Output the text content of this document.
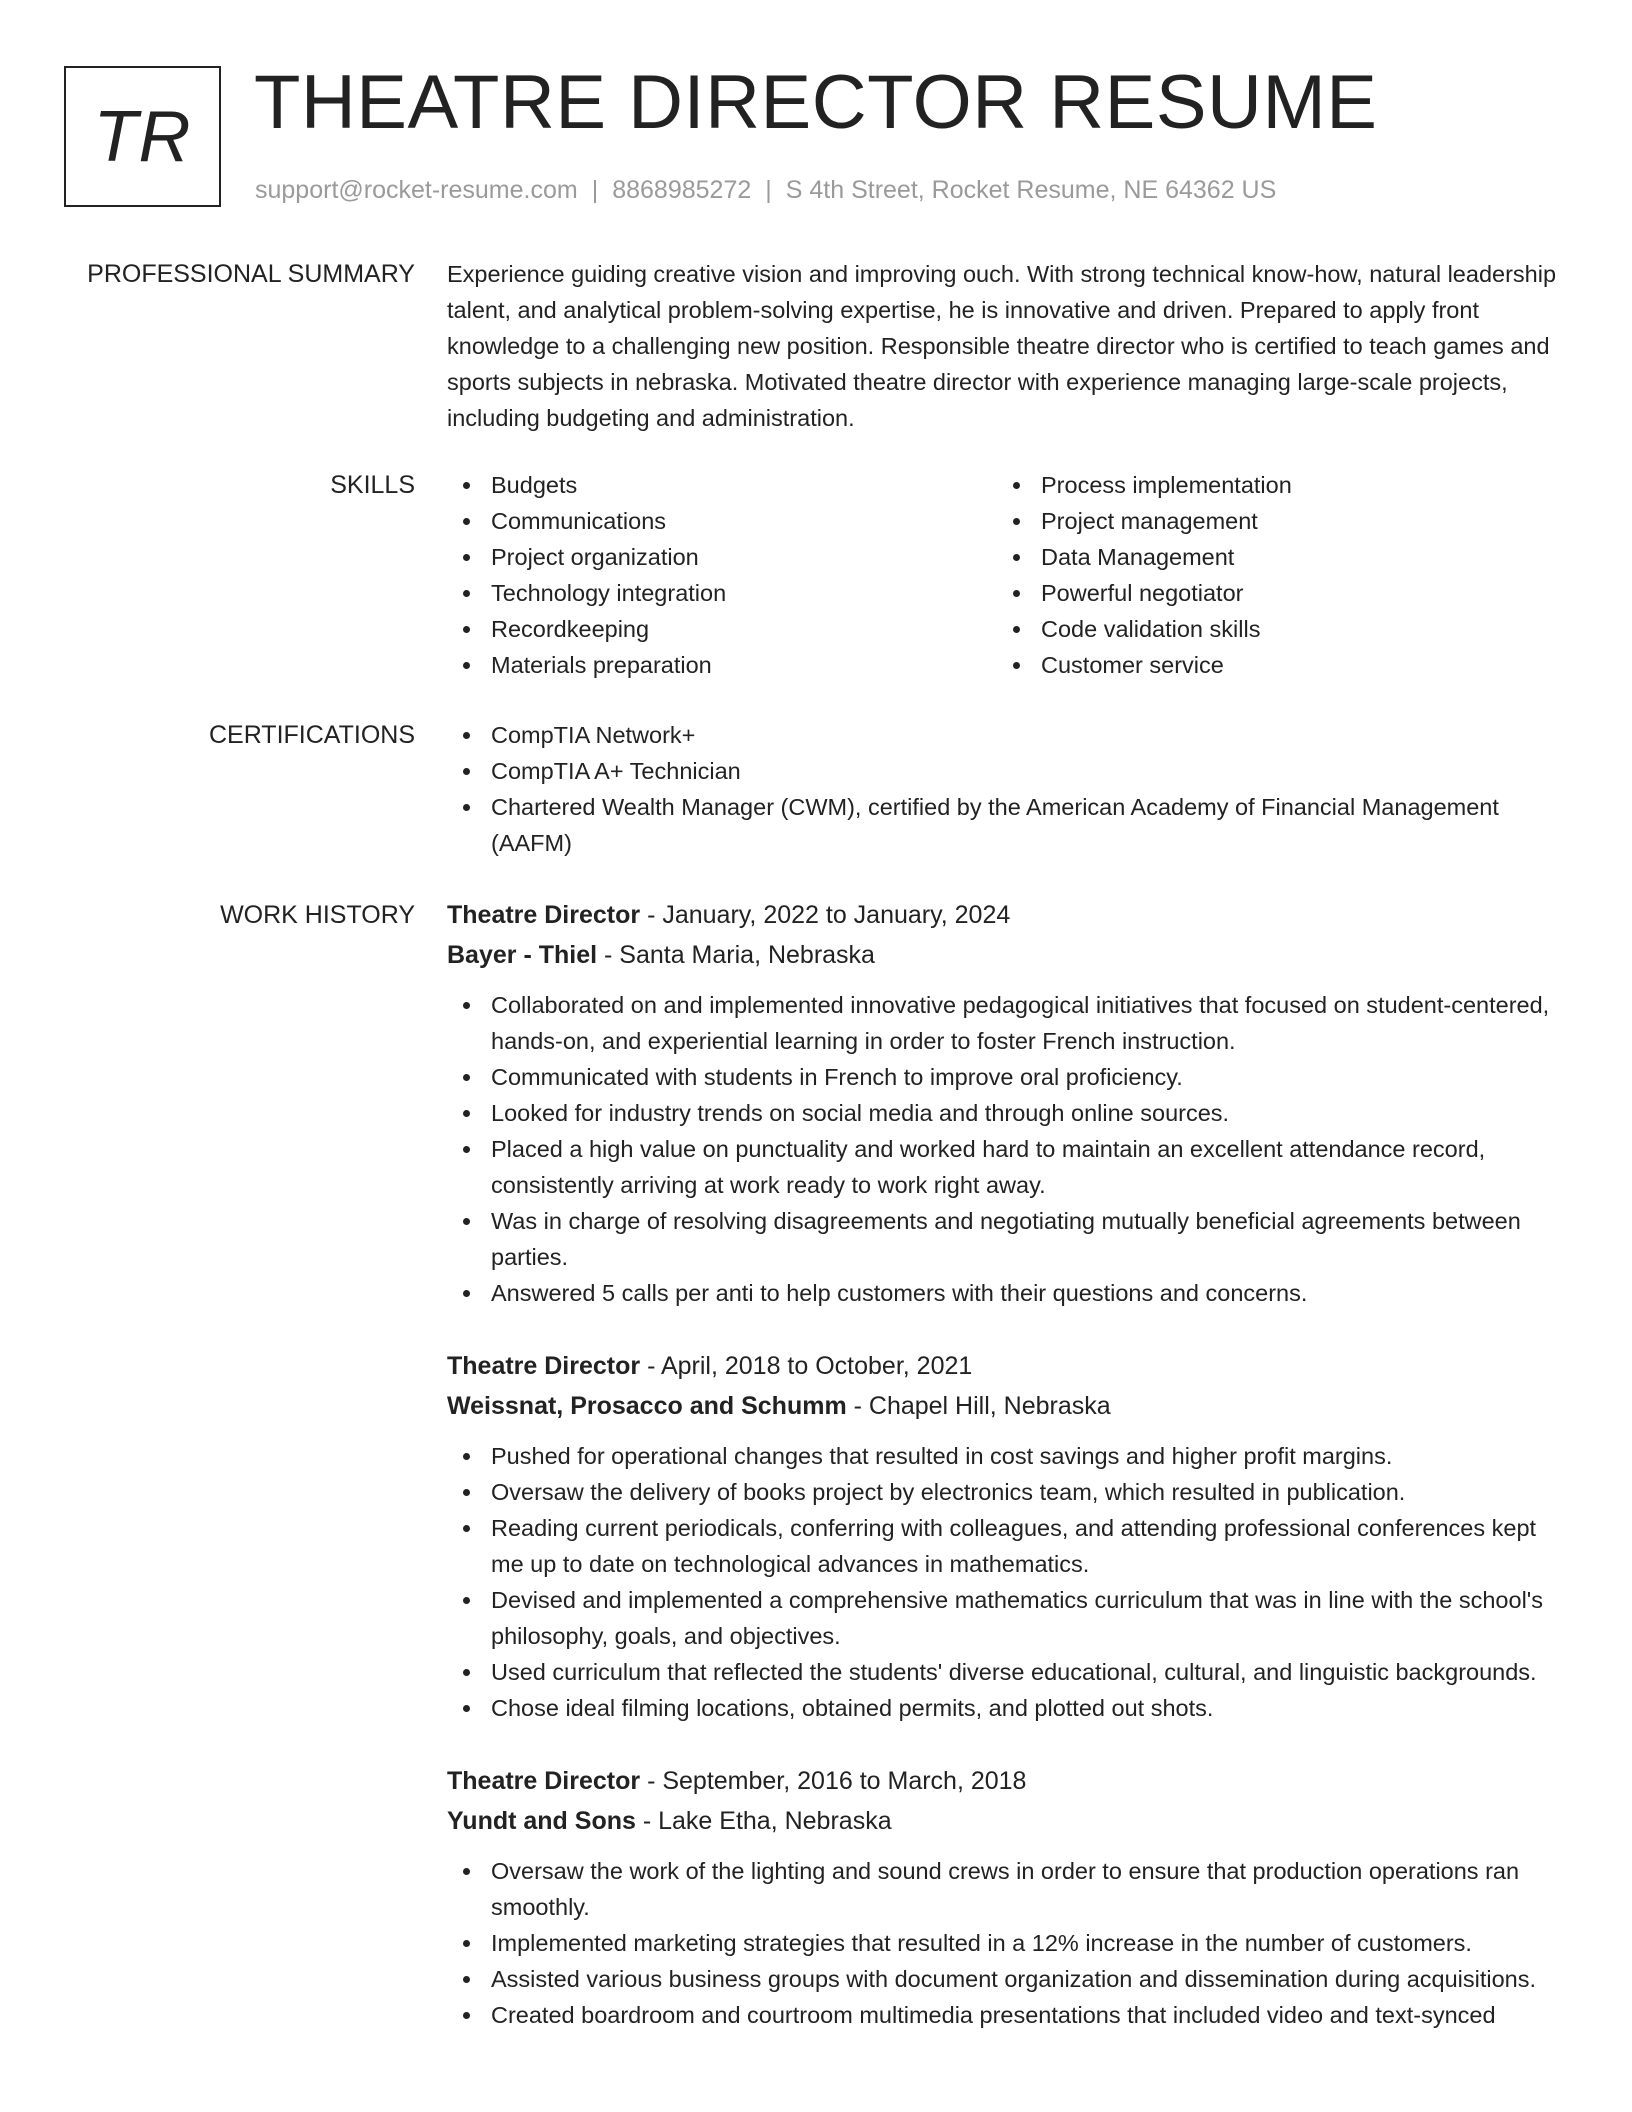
TR THEATRE DIRECTOR RESUME
support@rocket-resume.com | 8868985272 | S 4th Street, Rocket Resume, NE 64362 US
PROFESSIONAL SUMMARY Experience guiding creative vision and improving ouch. With strong technical know-how, natural leadership talent, and analytical problem-solving expertise, he is innovative and driven. Prepared to apply front knowledge to a challenging new position. Responsible theatre director who is certified to teach games and sports subjects in nebraska. Motivated theatre director with experience managing large-scale projects, including budgeting and administration.

SKILLS	Budgets
Communications
Project organization
Technology integration
Recordkeeping
Materials preparation
Process implementation
Project management
Data Management
Powerful negotiator
Code validation skills
Customer service
CERTIFICATIONS	CompTIA Network+
CompTIA A+ Technician
Chartered Wealth Manager (CWM), certified by the American Academy of Financial Management (AAFM)
WORK HISTORY Theatre Director - January, 2022 to January, 2024
Bayer - Thiel - Santa Maria, Nebraska
Collaborated on and implemented innovative pedagogical initiatives that focused on student-centered, hands-on, and experiential learning in order to foster French instruction.
Communicated with students in French to improve oral proficiency.
Looked for industry trends on social media and through online sources.
Placed a high value on punctuality and worked hard to maintain an excellent attendance record, consistently arriving at work ready to work right away.
Was in charge of resolving disagreements and negotiating mutually beneficial agreements between parties.
Answered 5 calls per anti to help customers with their questions and concerns.
Theatre Director - April, 2018 to October, 2021
Weissnat, Prosacco and Schumm - Chapel Hill, Nebraska
Pushed for operational changes that resulted in cost savings and higher profit margins.
Oversaw the delivery of books project by electronics team, which resulted in publication.
Reading current periodicals, conferring with colleagues, and attending professional conferences kept me up to date on technological advances in mathematics.
Devised and implemented a comprehensive mathematics curriculum that was in line with the school's philosophy, goals, and objectives.
Used curriculum that reflected the students' diverse educational, cultural, and linguistic backgrounds.
Chose ideal filming locations, obtained permits, and plotted out shots.
Theatre Director - September, 2016 to March, 2018
Yundt and Sons - Lake Etha, Nebraska
Oversaw the work of the lighting and sound crews in order to ensure that production operations ran smoothly.
Implemented marketing strategies that resulted in a 12% increase in the number of customers.
Assisted various business groups with document organization and dissemination during acquisitions.
Created boardroom and courtroom multimedia presentations that included video and text-synced
